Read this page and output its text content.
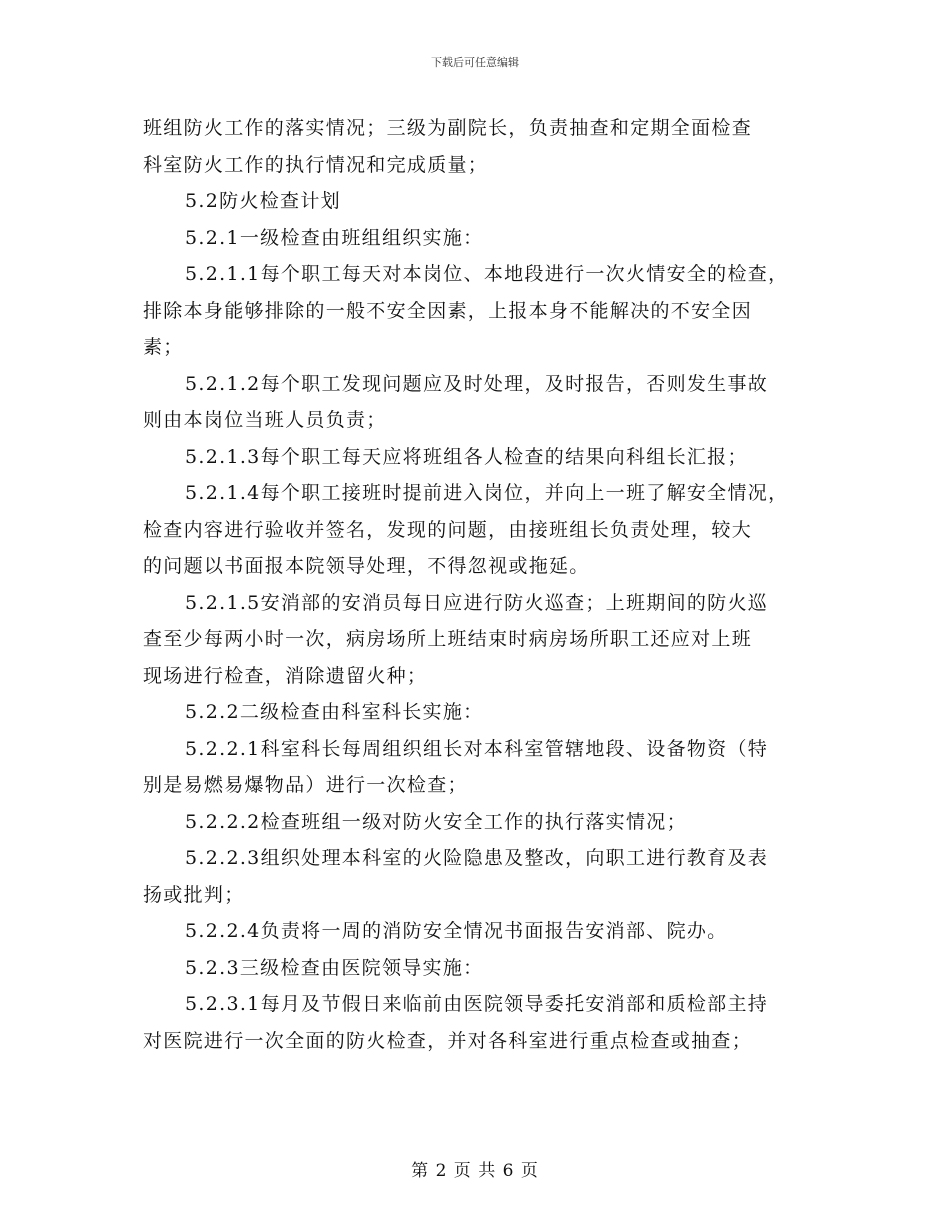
下载后可任意编辑
班组防火工作的落实情况；三级为副院长，负责抽查和定期全面检查
科室防火工作的执行情况和完成质量；
5.2防火检查计划
5.2.1一级检查由班组组织实施：
5.2.1.1每个职工每天对本岗位、本地段进行一次火情安全的检查，
排除本身能够排除的一般不安全因素，上报本身不能解决的不安全因
素；
5.2.1.2每个职工发现问题应及时处理，及时报告，否则发生事故
则由本岗位当班人员负责；
5.2.1.3每个职工每天应将班组各人检查的结果向科组长汇报；
5.2.1.4每个职工接班时提前进入岗位，并向上一班了解安全情况，
检查内容进行验收并签名，发现的问题，由接班组长负责处理，较大
的问题以书面报本院领导处理，不得忽视或拖延。
5.2.1.5安消部的安消员每日应进行防火巡查；上班期间的防火巡
查至少每两小时一次，病房场所上班结束时病房场所职工还应对上班
现场进行检查，消除遗留火种；
5.2.2二级检查由科室科长实施：
5.2.2.1科室科长每周组织组长对本科室管辖地段、设备物资（特
别是易燃易爆物品）进行一次检查；
5.2.2.2检查班组一级对防火安全工作的执行落实情况；
5.2.2.3组织处理本科室的火险隐患及整改，向职工进行教育及表
扬或批判；
5.2.2.4负责将一周的消防安全情况书面报告安消部、院办。
5.2.3三级检查由医院领导实施：
5.2.3.1每月及节假日来临前由医院领导委托安消部和质检部主持
对医院进行一次全面的防火检查，并对各科室进行重点检查或抽查；
第 2 页 共 6 页
